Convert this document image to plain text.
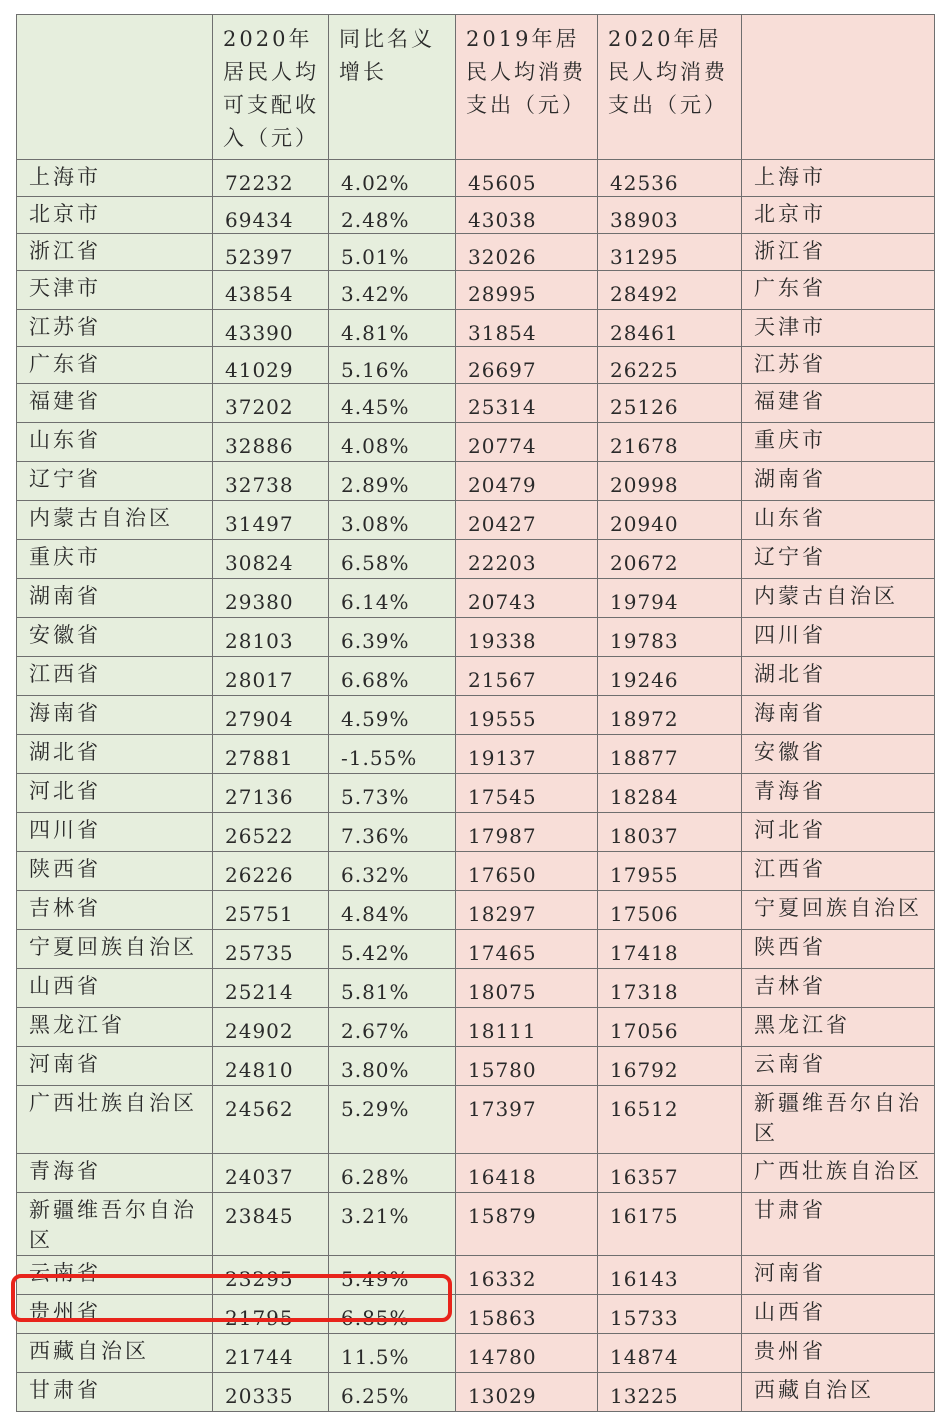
	2020年居民人均可支配收入（元）	同比名义增长	2019年居民人均消费支出（元）	2020年居民人均消费支出（元）	
上海市	72232	4.02%	45605	42536	上海市
北京市	69434	2.48%	43038	38903	北京市
浙江省	52397	5.01%	32026	31295	浙江省
天津市	43854	3.42%	28995	28492	广东省
江苏省	43390	4.81%	31854	28461	天津市
广东省	41029	5.16%	26697	26225	江苏省
福建省	37202	4.45%	25314	25126	福建省
山东省	32886	4.08%	20774	21678	重庆市
辽宁省	32738	2.89%	20479	20998	湖南省
内蒙古自治区	31497	3.08%	20427	20940	山东省
重庆市	30824	6.58%	22203	20672	辽宁省
湖南省	29380	6.14%	20743	19794	内蒙古自治区
安徽省	28103	6.39%	19338	19783	四川省
江西省	28017	6.68%	21567	19246	湖北省
海南省	27904	4.59%	19555	18972	海南省
湖北省	27881	-1.55%	19137	18877	安徽省
河北省	27136	5.73%	17545	18284	青海省
四川省	26522	7.36%	17987	18037	河北省
陕西省	26226	6.32%	17650	17955	江西省
吉林省	25751	4.84%	18297	17506	宁夏回族自治区
宁夏回族自治区	25735	5.42%	17465	17418	陕西省
山西省	25214	5.81%	18075	17318	吉林省
黑龙江省	24902	2.67%	18111	17056	黑龙江省
河南省	24810	3.80%	15780	16792	云南省
广西壮族自治区	24562	5.29%	17397	16512	新疆维吾尔自治区
青海省	24037	6.28%	16418	16357	广西壮族自治区
新疆维吾尔自治区	23845	3.21%	15879	16175	甘肃省
云南省	23295	5.49%	16332	16143	河南省
贵州省	21795	6.85%	15863	15733	山西省
西藏自治区	21744	11.5%	14780	14874	贵州省
甘肃省	20335	6.25%	13029	13225	西藏自治区
